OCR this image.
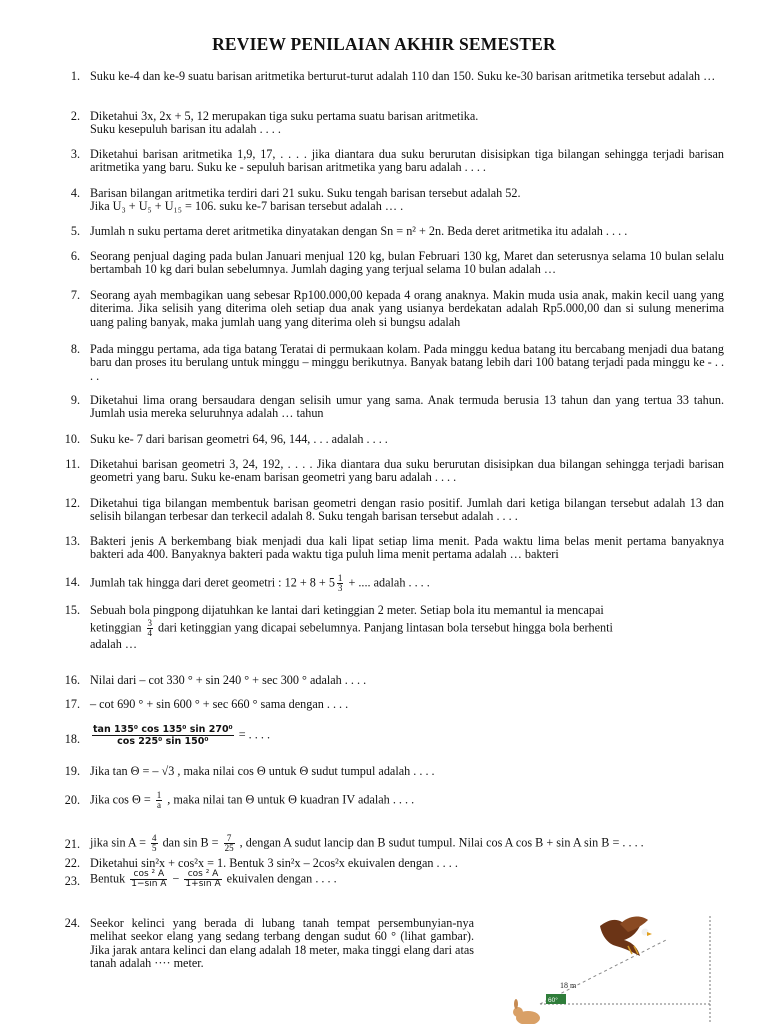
REVIEW PENILAIAN AKHIR SEMESTER
1. Suku ke-4 dan ke-9 suatu barisan aritmetika berturut-turut adalah 110 dan 150. Suku ke-30 barisan aritmetika tersebut adalah …
2. Diketahui 3x, 2x + 5, 12 merupakan tiga suku pertama suatu barisan aritmetika.

Suku kesepuluh barisan itu adalah . . . .

3. Diketahui barisan aritmetika 1,9, 17, . . . . jika diantara dua suku berurutan disisipkan tiga bilangan sehingga terjadi barisan aritmetika yang baru. Suku ke - sepuluh barisan aritmetika yang baru adalah . . . .
4. Barisan bilangan aritmetika terdiri dari 21 suku. Suku tengah barisan tersebut adalah 52.

Jika U₃ + U₅ + U₁₅ = 106. suku ke-7 barisan tersebut adalah … .

5. Jumlah n suku pertama deret aritmetika dinyatakan dengan Sn = n² + 2n. Beda deret aritmetika itu adalah . . . .
6. Seorang penjual daging pada bulan Januari menjual 120 kg, bulan Februari 130 kg, Maret dan seterusnya selama 10 bulan selalu bertambah 10 kg dari bulan sebelumnya. Jumlah daging yang terjual selama 10 bulan adalah …
7. Seorang ayah membagikan uang sebesar Rp100.000,00 kepada 4 orang anaknya. Makin muda usia anak, makin kecil uang yang diterima. Jika selisih yang diterima oleh setiap dua anak yang usianya berdekatan adalah Rp5.000,00 dan si sulung menerima uang paling banyak, maka jumlah uang yang diterima oleh si bungsu adalah
8. Pada minggu pertama, ada tiga batang Teratai di permukaan kolam. Pada minggu kedua batang itu bercabang menjadi dua batang baru dan proses itu berulang untuk minggu – minggu berikutnya. Banyak batang lebih dari 100 batang terjadi pada minggu ke - . . . .
9. Diketahui lima orang bersaudara dengan selisih umur yang sama. Anak termuda berusia 13 tahun dan yang tertua 33 tahun. Jumlah usia mereka seluruhnya adalah … tahun
10. Suku ke- 7 dari barisan geometri 64, 96, 144, . . . adalah . . . .
11. Diketahui barisan geometri 3, 24, 192, . . . . Jika diantara dua suku berurutan disisipkan dua bilangan sehingga terjadi barisan geometri yang baru. Suku ke-enam barisan geometri yang baru adalah . . . .
12. Diketahui tiga bilangan membentuk barisan geometri dengan rasio positif. Jumlah dari ketiga bilangan tersebut adalah 13 dan selisih bilangan terbesar dan terkecil adalah 8. Suku tengah barisan tersebut adalah . . . .
13. Bakteri jenis A berkembang biak menjadi dua kali lipat setiap lima menit. Pada waktu lima belas menit pertama banyaknya bakteri ada 400. Banyaknya bakteri pada waktu tiga puluh lima menit pertama adalah … bakteri
14. Jumlah tak hingga dari deret geometri : $12 + 8 + 5 \frac{1}{3}$ + .... adalah . . . .
15. Sebuah bola pingpong dijatuhkan ke lantai dari ketinggian 2 meter. Setiap bola itu memantul ia mencapai

ketinggian $\frac{3}{4}$ dari ketinggian yang dicapai sebelumnya. Panjang lintasan bola tersebut hingga bola berhenti

adalah …

16. Nilai dari – cot 330 ° + sin 240 ° + sec 300 ° adalah . . . .
17. – cot 690 ° + sin 600 ° + sec 660 ° sama dengan . . . .
18. $\frac{\text{tan 135⁰ cos 135⁰ sin 270⁰}}{\text{cos 225⁰ sin 150⁰}}$ = . . . .
19. Jika tan Θ = – √3 , maka nilai cos Θ untuk Θ sudut tumpul adalah . . . .
20. Jika $\cos \Theta = \frac{1}{a}$ , maka nilai tan Θ untuk Θ kuadran IV adalah . . . .
21. jika $\sin A = \frac{4}{5}$ dan $\sin B = \frac{7}{25}$ , dengan A sudut lancip dan B sudut tumpul. Nilai cos A cos B + sin A sin B = . . . .
22. Diketahui sin²x + cos²x = 1. Bentuk 3 sin²x – 2cos²x ekuivalen dengan . . . .
23. Bentuk $\frac{\text{cos ² A}}{\text{1−sin A}} - \frac{\text{cos ² A}}{\text{1+sin A}}$ ekuivalen dengan . . . .
24. Seekor kelinci yang berada di lubang tanah tempat persembunyian-nya melihat seekor elang yang sedang terbang dengan sudut 60 ° (lihat gambar). Jika jarak antara kelinci dan elang adalah 18 meter, maka tinggi elang dari atas tanah adalah ···· meter.
18 m
60°
